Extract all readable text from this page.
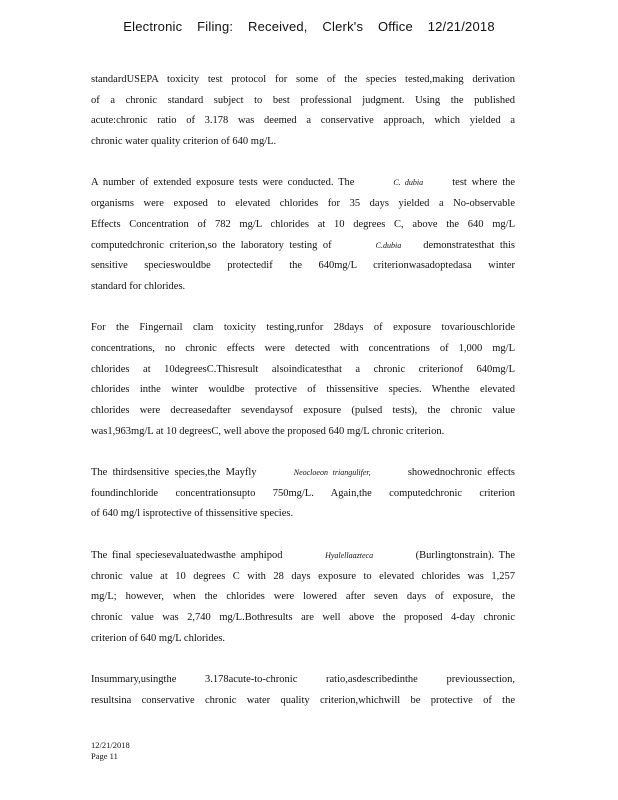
Electronic Filing: Received, Clerk's Office 12/21/2018

standardUSEPA toxicity test protocol for some of the species tested,making derivation
of a chronic standard subject to best professional judgment. Using the published
acute:chronic ratio of 3.178 was deemed a conservative approach, which yielded a
chronic water quality criterion of 640 mg/L.

A number of extended exposure tests were conducted. The	C. dubia	test where the
organisms were exposed to elevated chlorides for 35 days yielded a No-observable
Effects Concentration of 782 mg/L chlorides at 10 degrees C, above the 640 mg/L
computedchronic criterion,so the laboratory testing of	C.dubia demonstratesthat this
sensitive specieswouldbe protectedif the 640mg/L criterionwasadoptedasa winter
standard for chlorides.

For the Fingernail clam toxicity testing,runfor 28days of exposure tovariouschloride
concentrations, no chronic effects were detected with concentrations of 1,000 mg/L
chlorides at 10degreesC.Thisresult alsoindicatesthat a chronic criterionof 640mg/L
chlorides inthe winter wouldbe protective of thissensitive species. Whenthe elevated
chlorides were decreasedafter sevendaysof exposure (pulsed tests), the chronic value
was1,963mg/L at 10 degreesC, well above the proposed 640 mg/L chronic criterion.

The thirdsensitive species,the Mayfly	Neocloeon triangulifer,	showednochronic effects
foundinchloride concentrationsupto 750mg/L. Again,the computedchronic criterion
of 640 mg/l isprotective of thissensitive species.

The final speciesevaluatedwasthe amphipod	Hyalellaazteca	(Burlingtonstrain). The
chronic value at 10 degrees C with 28 days exposure to elevated chlorides was 1,257
mg/L; however, when the chlorides were lowered after seven days of exposure, the
chronic value was 2,740 mg/L.Bothresults are well above the proposed 4-day chronic
criterion of 640 mg/L chlorides.

Insummary,usingthe 3.178acute-to-chronic ratio,asdescribedinthe previoussection,
resultsina conservative chronic water quality criterion,whichwill be protective of the

12/21/2018
Page 11
